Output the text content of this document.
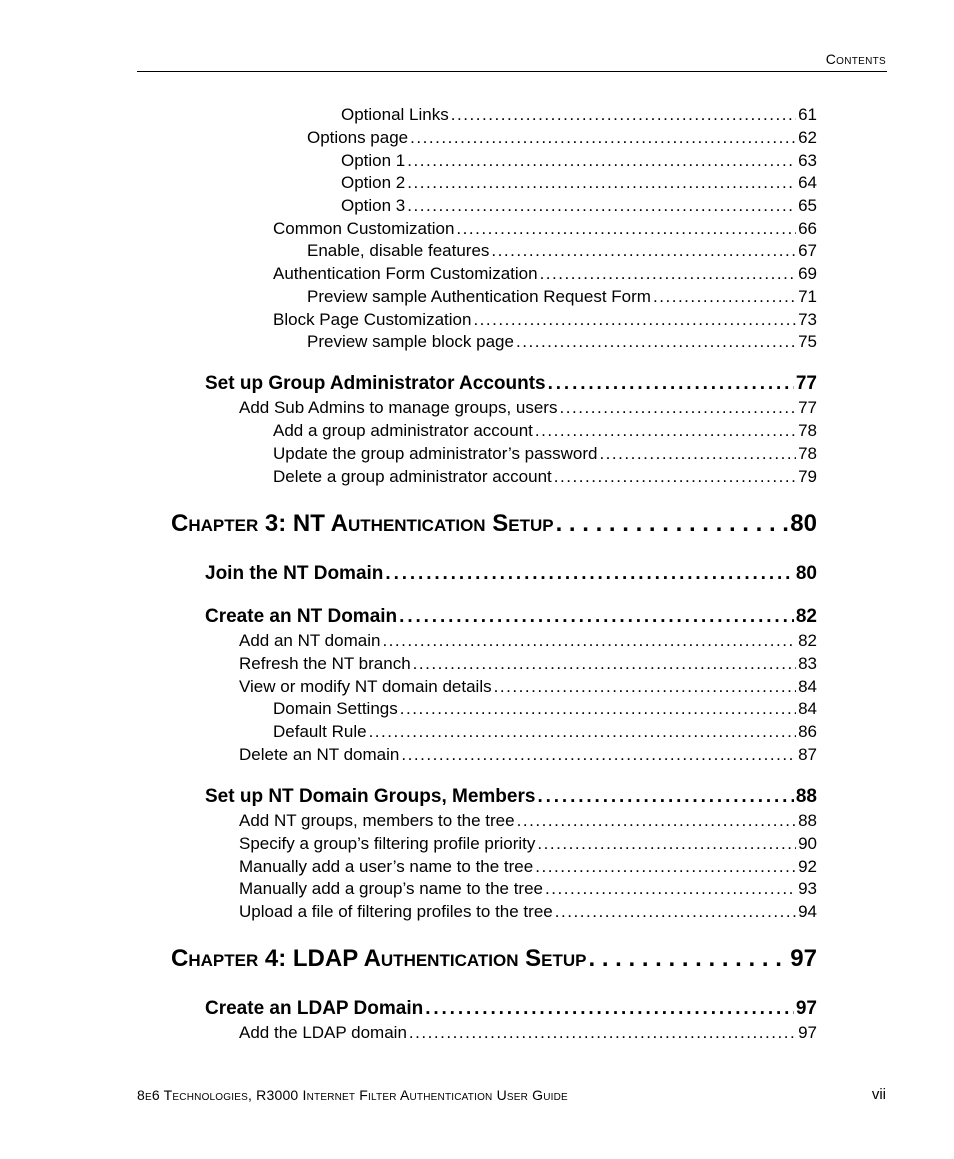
Contents
Optional Links . . .	61
Options page . . .	62
Option 1 . . .	63
Option 2 . . .	64
Option 3 . . .	65
Common Customization . . .	66
Enable, disable features . . .	67
Authentication Form Customization . . .	69
Preview sample Authentication Request Form . . .	71
Block Page Customization . . .	73
Preview sample block page . . .	75
Set up Group Administrator Accounts . . .	77
Add Sub Admins to manage groups, users . . .	77
Add a group administrator account . . .	78
Update the group administrator’s password . . .	78
Delete a group administrator account . . .	79
Chapter 3: NT Authentication Setup . . .	80
Join the NT Domain . . .	80
Create an NT Domain . . .	82
Add an NT domain . . .	82
Refresh the NT branch . . .	83
View or modify NT domain details . . .	84
Domain Settings . . .	84
Default Rule . . .	86
Delete an NT domain . . .	87
Set up NT Domain Groups, Members . . .	88
Add NT groups, members to the tree . . .	88
Specify a group’s filtering profile priority . . .	90
Manually add a user’s name to the tree . . .	92
Manually add a group’s name to the tree . . .	93
Upload a file of filtering profiles to the tree . . .	94
Chapter 4: LDAP Authentication Setup . . .	97
Create an LDAP Domain . . .	97
Add the LDAP domain . . .	97
8e6 Technologies, R3000 Internet Filter Authentication User Guide	vii
